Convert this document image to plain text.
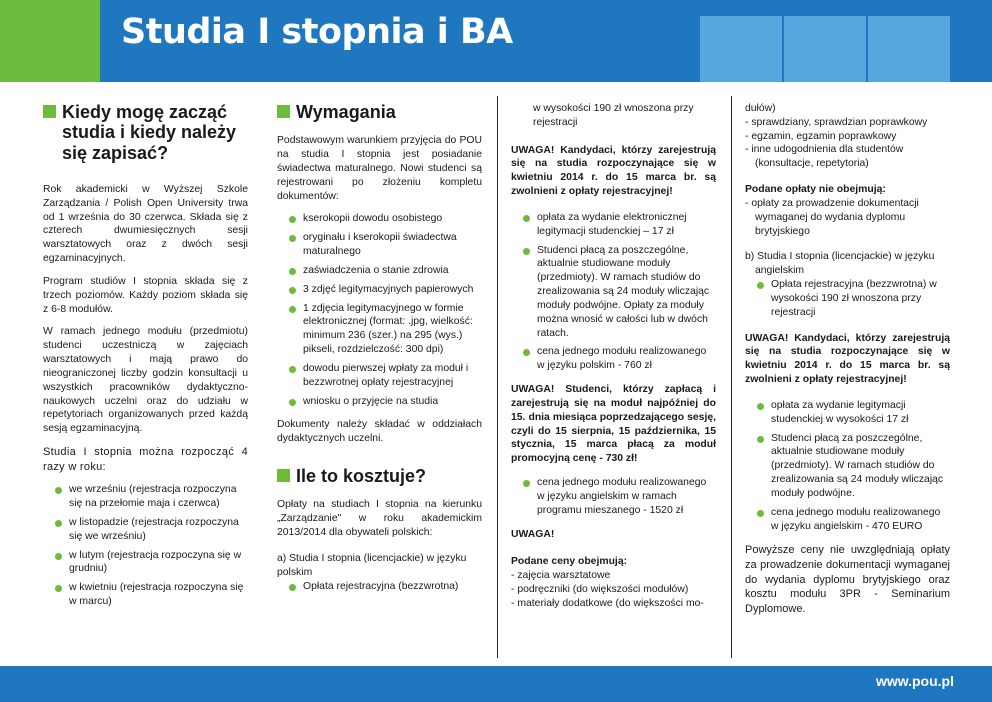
Studia I stopnia i BA
Kiedy mogę zacząć studia i kiedy należy się zapisać?

Rok akademicki w Wyższej Szkole Zarządzania / Polish Open University trwa od 1 września do 30 czerwca. Składa się z czterech dwumiesięcznych sesji warsztatowych oraz z dwóch sesji egzaminacyjnych.

Program studiów I stopnia składa się z trzech poziomów. Każdy poziom składa się z 6-8 modułów.

W ramach jednego modułu (przedmiotu) studenci uczestniczą w zajęciach warsztatowych i mają prawo do nieograniczonej liczby godzin konsultacji u wszystkich pracowników dydaktyczno-naukowych uczelni oraz do udziału w repetytoriach organizowanych przed każdą sesją egzaminacyjną.

Studia I stopnia można rozpocząć 4 razy w roku:

we wrześniu (rejestracja rozpoczyna się na przełomie maja i czerwca)
w listopadzie (rejestracja rozpoczyna się we wrześniu)
w lutym (rejestracja rozpoczyna się w grudniu)
w kwietniu (rejestracja rozpoczyna się w marcu)
Wymagania

Podstawowym warunkiem przyjęcia do POU na studia I stopnia jest posiadanie świadectwa maturalnego. Nowi studenci są rejestrowani po złożeniu kompletu dokumentów:

kserokopii dowodu osobistego
oryginału i kserokopii świadectwa maturalnego
zaświadczenia o stanie zdrowia
3 zdjęć legitymacyjnych papierowych
1 zdjęcia legitymacyjnego w formie elektronicznej (format: .jpg, wielkość: minimum 236 (szer.) na 295 (wys.) pikseli, rozdzielczość: 300 dpi)
dowodu pierwszej wpłaty za moduł i bezzwrotnej opłaty rejestracyjnej
wniosku o przyjęcie na studia

Dokumenty należy składać w oddziałach dydaktycznych uczelni.

Ile to kosztuje?

Opłaty na studiach I stopnia na kierunku „Zarządzanie" w roku akademickim 2013/2014 dla obywateli polskich:

a) Studia I stopnia (licencjackie) w języku polskim

Opłata rejestracyjna (bezzwrotna)

w wysokości 190 zł wnoszona przy rejestracji

UWAGA! Kandydaci, którzy zarejestrują się na studia rozpoczynające się w kwietniu 2014 r. do 15 marca br. są zwolnieni z opłaty rejestracyjnej!

opłata za wydanie elektronicznej legitymacji studenckiej – 17 zł
Studenci płacą za poszczególne, aktualnie studiowane moduły (przedmioty). W ramach studiów do zrealizowania są 24 moduły wliczając moduły podwójne. Opłaty za moduły można wnosić w całości lub w dwóch ratach.
cena jednego modułu realizowanego w języku polskim - 760 zł

UWAGA! Studenci, którzy zapłacą i zarejestrują się na moduł najpóźniej do 15. dnia miesiąca poprzedzającego sesję, czyli do 15 sierpnia, 15 października, 15 stycznia, 15 marca płacą za moduł promocyjną cenę - 730 zł!

cena jednego modułu realizowanego w języku angielskim w ramach programu mieszanego - 1520 zł

UWAGA!

Podane ceny obejmują:

- zajęcia warsztatowe

- podręczniki (do większości modułów)

- materiały dodatkowe (do większości mo-

dułów)

- sprawdziany, sprawdzian poprawkowy

- egzamin, egzamin poprawkowy

- inne udogodnienia dla studentów (konsultacje, repetytoria)

Podane opłaty nie obejmują:

- opłaty za prowadzenie dokumentacji wymaganej do wydania dyplomu brytyjskiego

b) Studia I stopnia (licencjackie) w języku angielskim

Opłata rejestracyjna (bezzwrotna) w wysokości 190 zł wnoszona przy rejestracji

UWAGA! Kandydaci, którzy zarejestrują się na studia rozpoczynające się w kwietniu 2014 r. do 15 marca br. są zwolnieni z opłaty rejestracyjnej!

opłata za wydanie legitymacji studenckiej w wysokości 17 zł
Studenci płacą za poszczególne, aktualnie studiowane moduły (przedmioty). W ramach studiów do zrealizowania są 24 moduły wliczając moduły podwójne.
cena jednego modułu realizowanego w języku angielskim - 470 EURO

Powyższe ceny nie uwzględniają opłaty za prowadzenie dokumentacji wymaganej do wydania dyplomu brytyjskiego oraz kosztu modułu 3PR - Seminarium Dyplomowe.

www.pou.pl
